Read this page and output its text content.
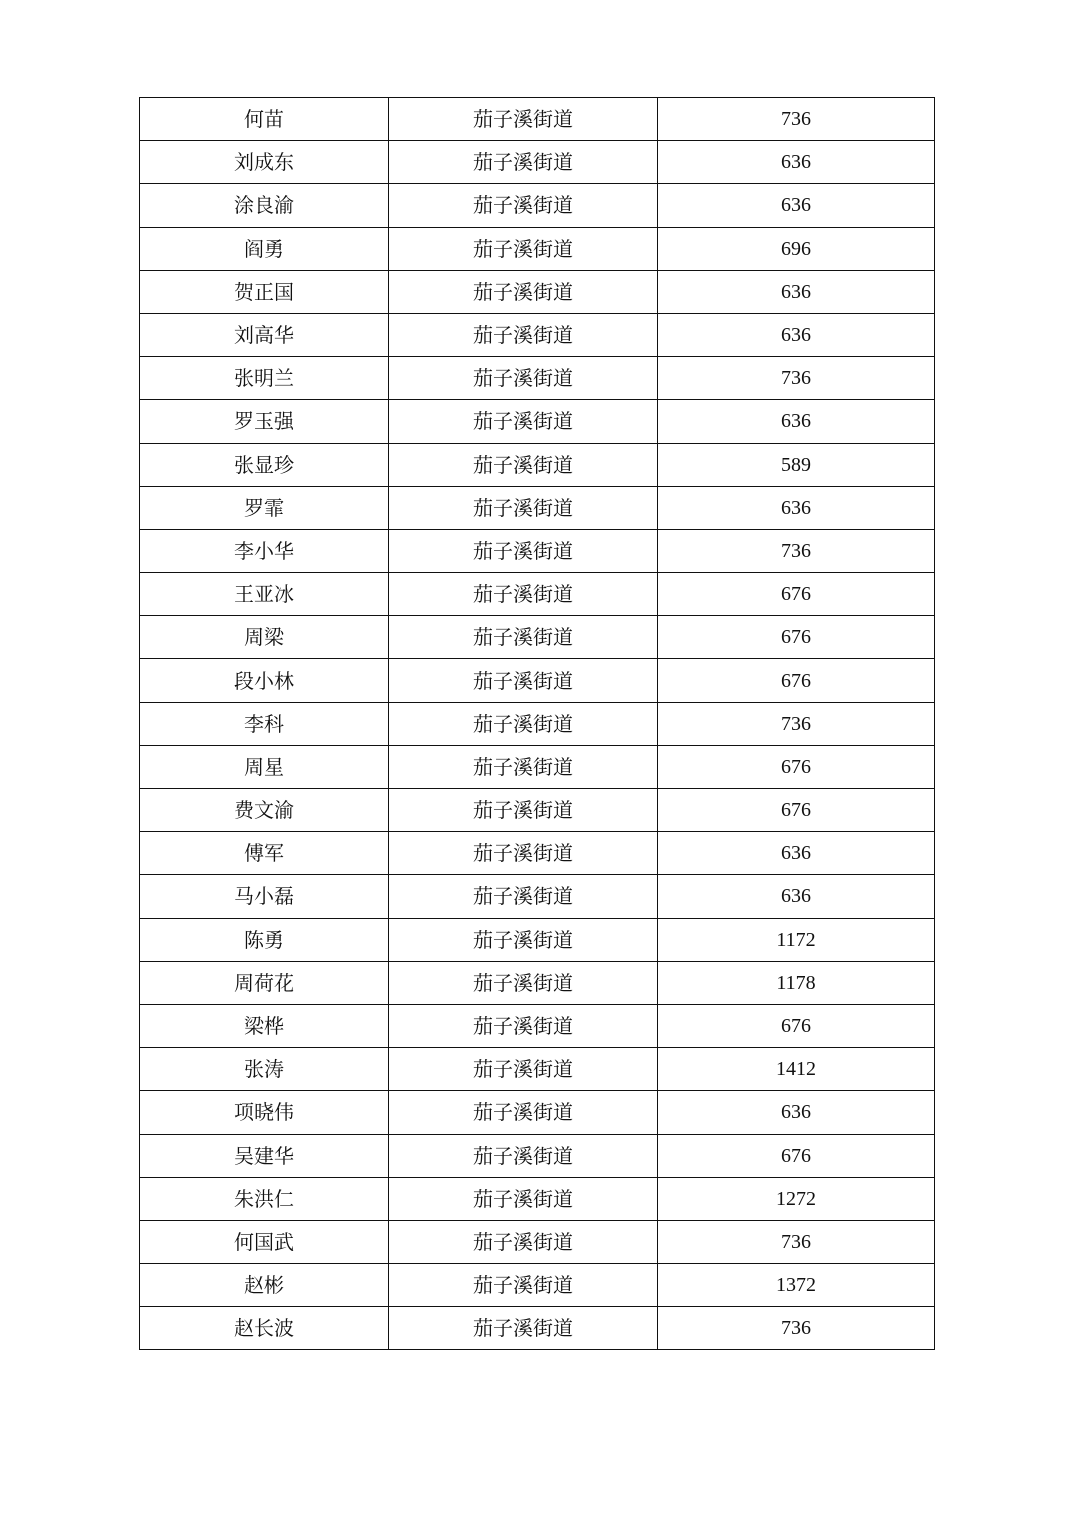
何苗	茄子溪街道	736
刘成东	茄子溪街道	636
涂良渝	茄子溪街道	636
阎勇	茄子溪街道	696
贺正国	茄子溪街道	636
刘高华	茄子溪街道	636
张明兰	茄子溪街道	736
罗玉强	茄子溪街道	636
张显珍	茄子溪街道	589
罗霏	茄子溪街道	636
李小华	茄子溪街道	736
王亚冰	茄子溪街道	676
周梁	茄子溪街道	676
段小林	茄子溪街道	676
李科	茄子溪街道	736
周星	茄子溪街道	676
费文渝	茄子溪街道	676
傅军	茄子溪街道	636
马小磊	茄子溪街道	636
陈勇	茄子溪街道	1172
周荷花	茄子溪街道	1178
梁桦	茄子溪街道	676
张涛	茄子溪街道	1412
项晓伟	茄子溪街道	636
吴建华	茄子溪街道	676
朱洪仁	茄子溪街道	1272
何国武	茄子溪街道	736
赵彬	茄子溪街道	1372
赵长波	茄子溪街道	736
